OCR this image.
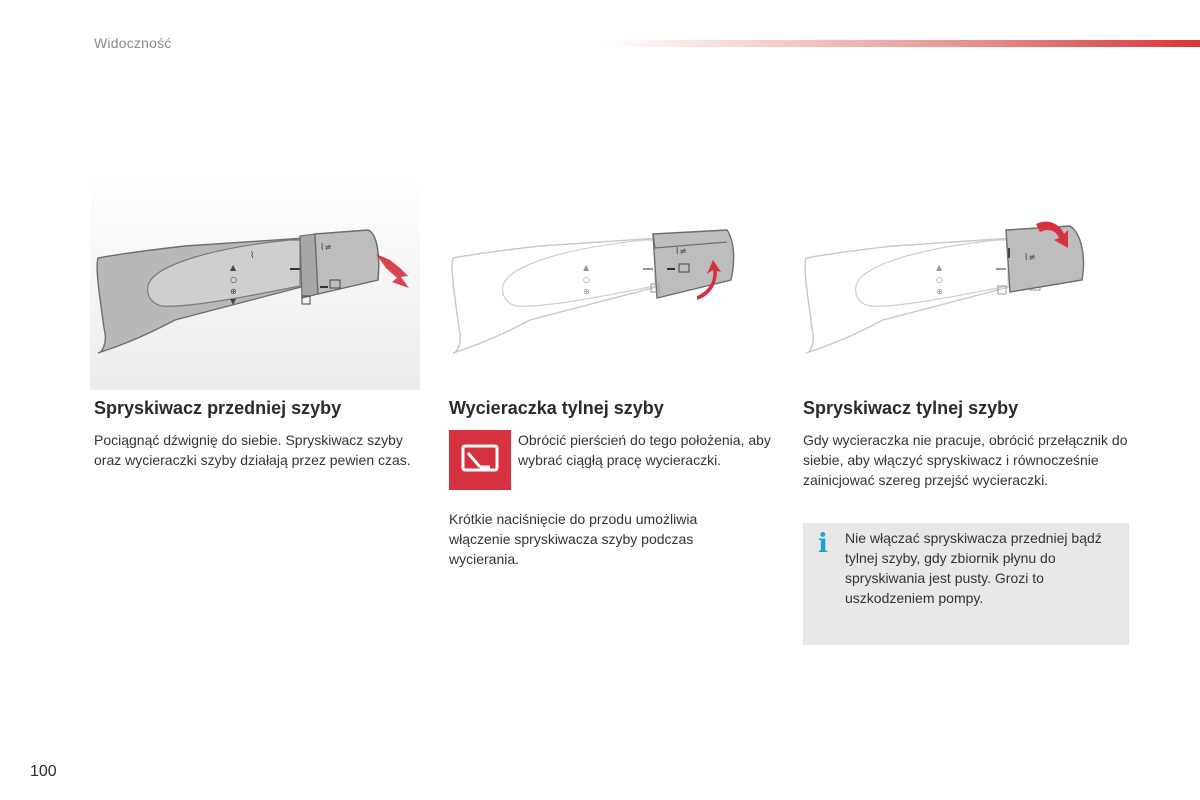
Widoczność
▲
○
⊕
▼
⌇
⌇≠
▲
○
⊕
⌇≠
▲
○
⊕
⌇≠
Spryskiwacz przedniej szyby

Pociągnąć dźwignię do siebie. Spryskiwacz szyby oraz wycieraczki szyby działają przez pewien czas.

Wycieraczka tylnej szyby
Obrócić pierścień do tego położenia, aby wybrać ciągłą pracę wycieraczki.

Krótkie naciśnięcie do przodu umożliwia włączenie spryskiwacza szyby podczas wycierania.

Spryskiwacz tylnej szyby

Gdy wycieraczka nie pracuje, obrócić przełącznik do siebie, aby włączyć spryskiwacz i równocześnie zainicjować szereg przejść wycieraczki.

i Nie włączać spryskiwacza przedniej bądź tylnej szyby, gdy zbiornik płynu do spryskiwania jest pusty. Grozi to uszkodzeniem pompy.
100
